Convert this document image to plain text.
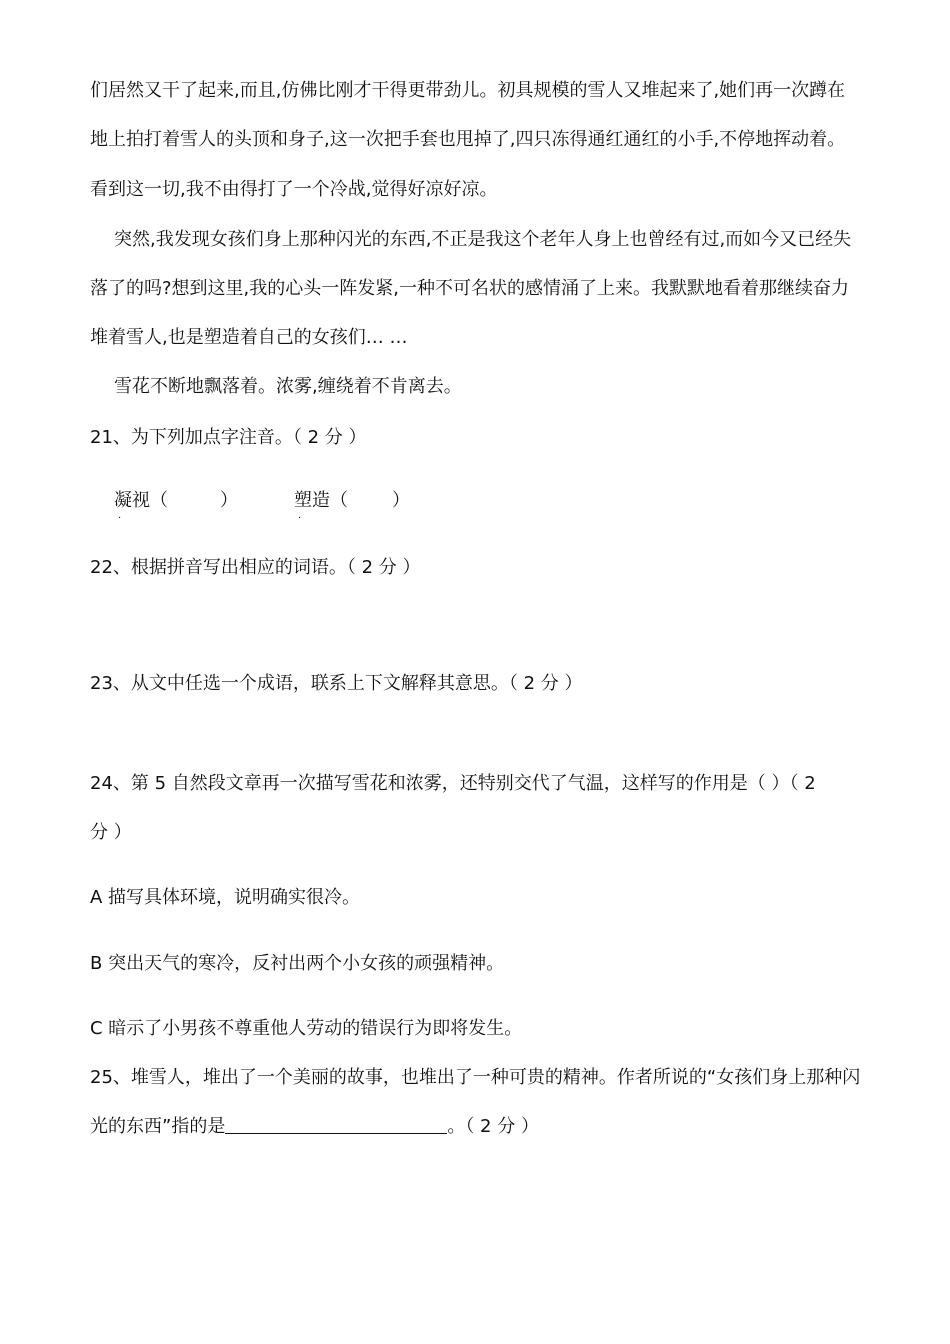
们居然又干了起来,而且,仿佛比刚才干得更带劲儿。初具规模的雪人又堆起来了,她们再一次蹲在
地上拍打着雪人的头顶和身子,这一次把手套也甩掉了,四只冻得通红通红的小手,不停地挥动着。
看到这一切,我不由得打了一个冷战,觉得好凉好凉。
突然,我发现女孩们身上那种闪光的东西,不正是我这个老年人身上也曾经有过,而如今又已经失
落了的吗?想到这里,我的心头一阵发紧,一种不可名状的感情涌了上来。我默默地看着那继续奋力
堆着雪人,也是塑造着自己的女孩们… …
雪花不断地飘落着。浓雾,缠绕着不肯离去。
21、为下列加点字注音。（ 2 分 ）
凝视
·
（	）	塑造
·
（ ）
22、根据拼音写出相应的词语。（ 2 分 ）
23、从文中任选一个成语，联系上下文解释其意思。（ 2 分 ）
24、第 5 自然段文章再一次描写雪花和浓雾，还特别交代了气温，这样写的作用是（ ）（ 2
分 ）
A 描写具体环境，说明确实很冷。
B 突出天气的寒冷，反衬出两个小女孩的顽强精神。
C 暗示了小男孩不尊重他人劳动的错误行为即将发生。
25、堆雪人，堆出了一个美丽的故事，也堆出了一种可贵的精神。作者所说的“女孩们身上那种闪
光的东西”指的是	。（ 2 分 ）
